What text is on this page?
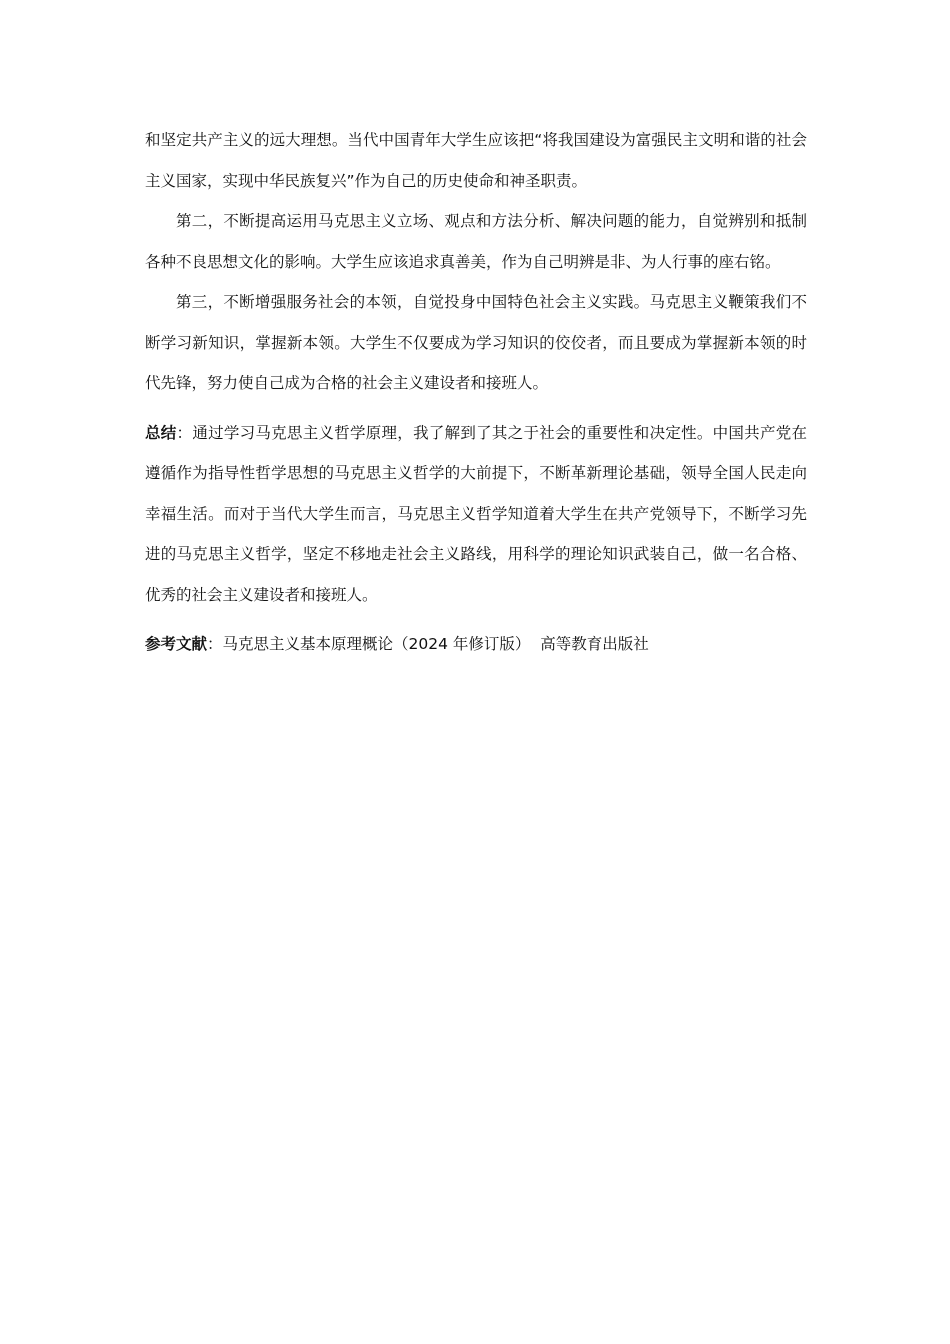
和坚定共产主义的远大理想。当代中国青年大学生应该把“将我国建设为富强民主文明和谐的社会主义国家，实现中华民族复兴”作为自己的历史使命和神圣职责。

第二，不断提高运用马克思主义立场、观点和方法分析、解决问题的能力，自觉辨别和抵制各种不良思想文化的影响。大学生应该追求真善美，作为自己明辨是非、为人行事的座右铭。

第三，不断增强服务社会的本领，自觉投身中国特色社会主义实践。马克思主义鞭策我们不断学习新知识，掌握新本领。大学生不仅要成为学习知识的佼佼者，而且要成为掌握新本领的时代先锋，努力使自己成为合格的社会主义建设者和接班人。

总结：通过学习马克思主义哲学原理，我了解到了其之于社会的重要性和决定性。中国共产党在遵循作为指导性哲学思想的马克思主义哲学的大前提下，不断革新理论基础，领导全国人民走向幸福生活。而对于当代大学生而言，马克思主义哲学知道着大学生在共产党领导下，不断学习先进的马克思主义哲学，坚定不移地走社会主义路线，用科学的理论知识武装自己，做一名合格、优秀的社会主义建设者和接班人。

参考文献：马克思主义基本原理概论（2024 年修订版）  高等教育出版社
